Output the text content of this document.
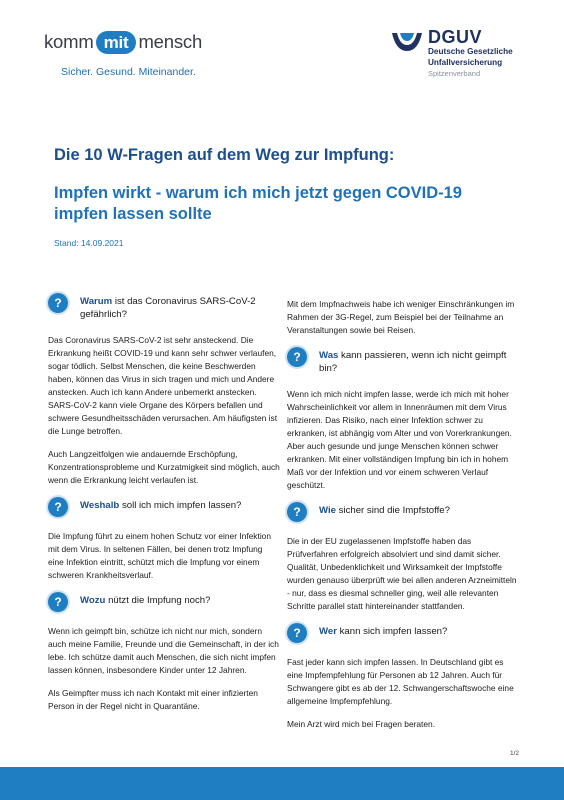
komm mit mensch
Sicher. Gesund. Miteinander.
DGUV
Deutsche Gesetzliche
Unfallversicherung
Spitzenverband
Die 10 W-Fragen auf dem Weg zur Impfung:
Impfen wirkt - warum ich mich jetzt gegen COVID-19 impfen lassen sollte
Stand: 14.09.2021
?	Warum ist das Coronavirus SARS-CoV-2 gefährlich?

Das Coronavirus SARS-CoV-2 ist sehr ansteckend. Die Erkrankung heißt COVID-19 und kann sehr schwer verlaufen, sogar tödlich. Selbst Menschen, die keine Beschwerden haben, können das Virus in sich tragen und mich und Andere anstecken. Auch ich kann Andere unbemerkt anstecken. SARS-CoV-2 kann viele Organe des Körpers befallen und schwere Gesundheitsschäden verursachen. Am häufigsten ist die Lunge betroffen.

Auch Langzeitfolgen wie andauernde Erschöpfung, Konzentrationsprobleme und Kurzatmigkeit sind möglich, auch wenn die Erkrankung leicht verlaufen ist.

?	Weshalb soll ich mich impfen lassen?

Die Impfung führt zu einem hohen Schutz vor einer Infektion mit dem Virus. In seltenen Fällen, bei denen trotz Impfung eine Infektion eintritt, schützt mich die Impfung vor einem schweren Krankheitsverlauf.

?	Wozu nützt die Impfung noch?

Wenn ich geimpft bin, schütze ich nicht nur mich, sondern auch meine Familie, Freunde und die Gemeinschaft, in der ich lebe. Ich schütze damit auch Menschen, die sich nicht impfen lassen können, insbesondere Kinder unter 12 Jahren.

Als Geimpfter muss ich nach Kontakt mit einer infizierten Person in der Regel nicht in Quarantäne.

Mit dem Impfnachweis habe ich weniger Einschränkungen im Rahmen der 3G-Regel, zum Beispiel bei der Teilnahme an Veranstaltungen sowie bei Reisen.

?	Was kann passieren, wenn ich nicht geimpft bin?

Wenn ich mich nicht impfen lasse, werde ich mich mit hoher Wahrscheinlichkeit vor allem in Innenräumen mit dem Virus infizieren. Das Risiko, nach einer Infektion schwer zu erkranken, ist abhängig vom Alter und von Vorerkrankungen. Aber auch gesunde und junge Menschen können schwer erkranken. Mit einer vollständigen Impfung bin ich in hohem Maß vor der Infektion und vor einem schweren Verlauf geschützt.

?	Wie sicher sind die Impfstoffe?

Die in der EU zugelassenen Impfstoffe haben das Prüfverfahren erfolgreich absolviert und sind damit sicher. Qualität, Unbedenklichkeit und Wirksamkeit der Impfstoffe wurden genauso überprüft wie bei allen anderen Arzneimitteln - nur, dass es diesmal schneller ging, weil alle relevanten Schritte parallel statt hintereinander stattfanden.

?	Wer kann sich impfen lassen?

Fast jeder kann sich impfen lassen. In Deutschland gibt es eine Impfempfehlung für Personen ab 12 Jahren. Auch für Schwangere gibt es ab der 12. Schwangerschaftswoche eine allgemeine Impfempfehlung.

Mein Arzt wird mich bei Fragen beraten.

1/2
